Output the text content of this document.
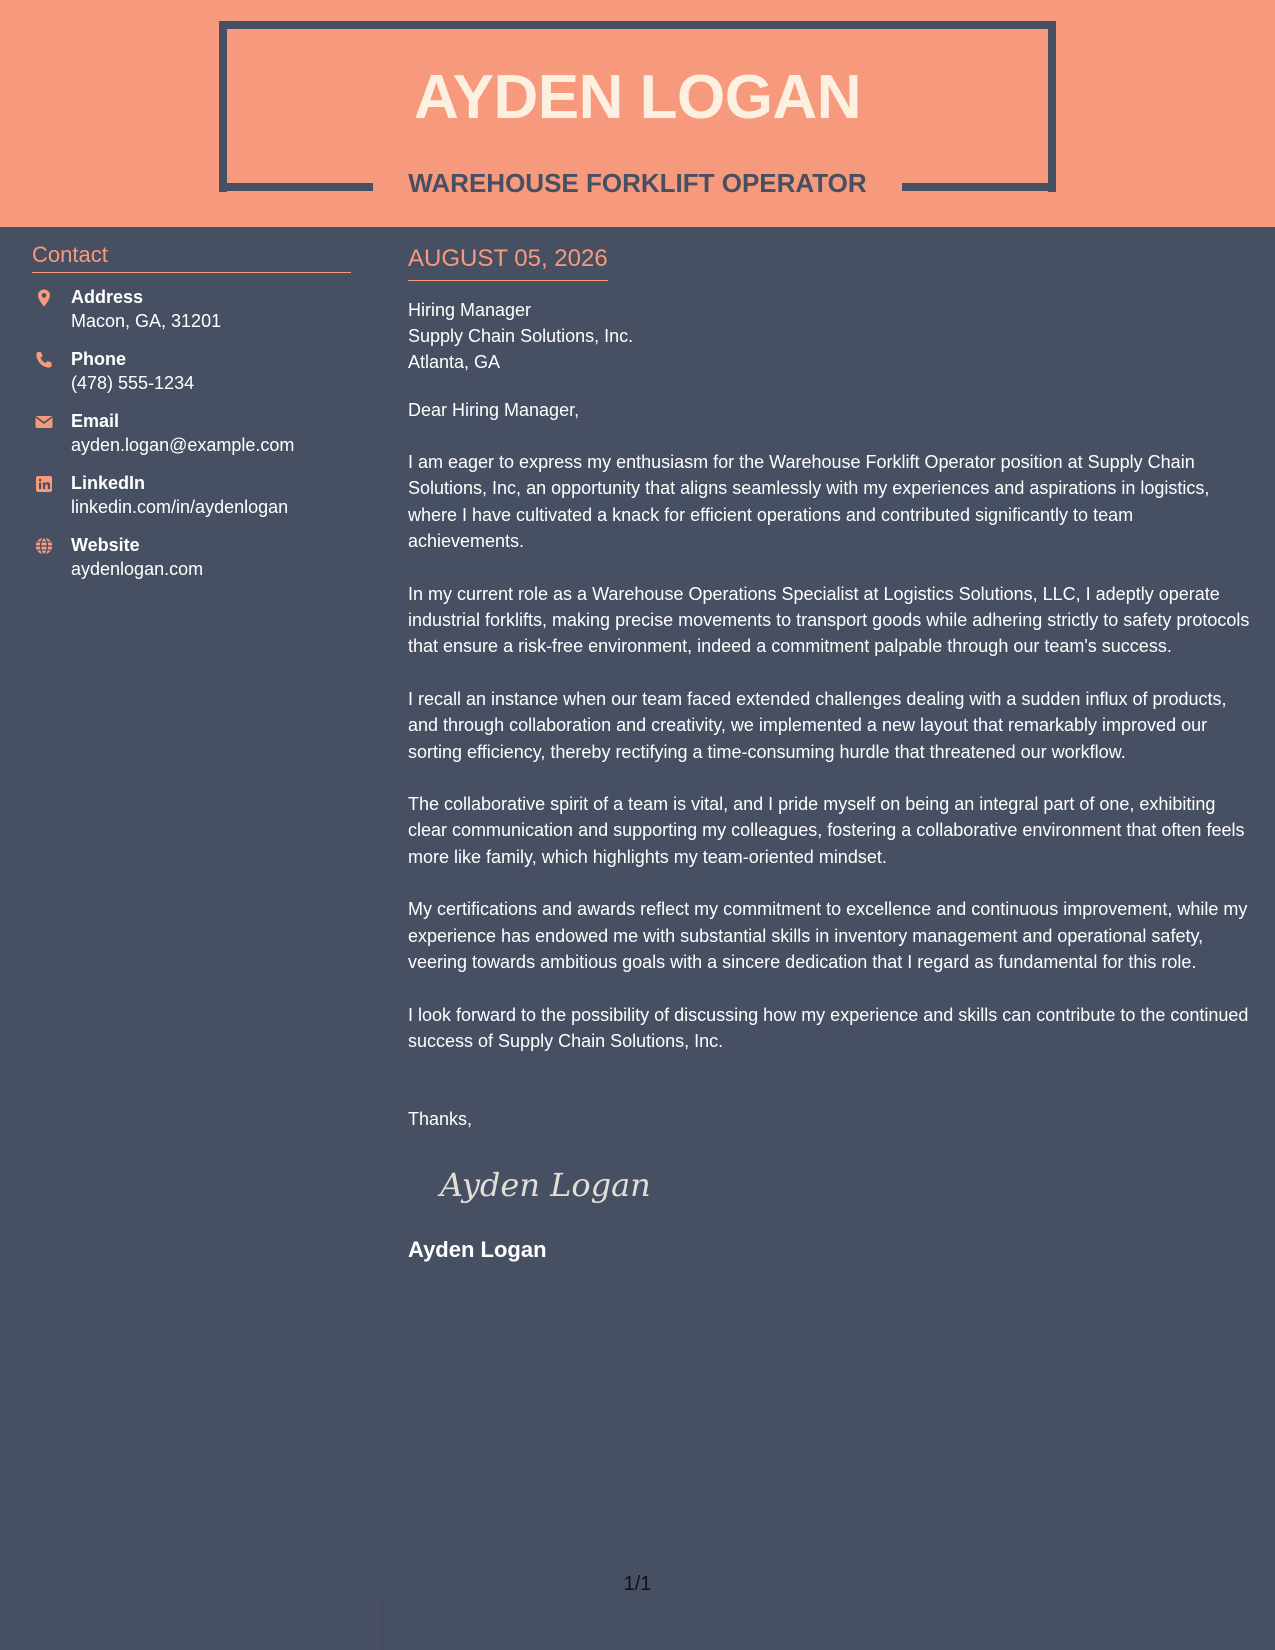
AYDEN LOGAN
WAREHOUSE FORKLIFT OPERATOR
Contact
Address
Macon, GA, 31201
Phone
(478) 555-1234
Email
ayden.logan@example.com
LinkedIn
linkedin.com/in/aydenlogan
Website
aydenlogan.com
AUGUST 05, 2026
Hiring Manager
Supply Chain Solutions, Inc.
Atlanta, GA
Dear Hiring Manager,
I am eager to express my enthusiasm for the Warehouse Forklift Operator position at Supply Chain Solutions, Inc, an opportunity that aligns seamlessly with my experiences and aspirations in logistics, where I have cultivated a knack for efficient operations and contributed significantly to team achievements.
In my current role as a Warehouse Operations Specialist at Logistics Solutions, LLC, I adeptly operate industrial forklifts, making precise movements to transport goods while adhering strictly to safety protocols that ensure a risk-free environment, indeed a commitment palpable through our team's success.
I recall an instance when our team faced extended challenges dealing with a sudden influx of products, and through collaboration and creativity, we implemented a new layout that remarkably improved our sorting efficiency, thereby rectifying a time-consuming hurdle that threatened our workflow.
The collaborative spirit of a team is vital, and I pride myself on being an integral part of one, exhibiting clear communication and supporting my colleagues, fostering a collaborative environment that often feels more like family, which highlights my team-oriented mindset.
My certifications and awards reflect my commitment to excellence and continuous improvement, while my experience has endowed me with substantial skills in inventory management and operational safety, veering towards ambitious goals with a sincere dedication that I regard as fundamental for this role.
I look forward to the possibility of discussing how my experience and skills can contribute to the continued success of Supply Chain Solutions, Inc.
Thanks,
Ayden Logan
Ayden Logan
1/1
